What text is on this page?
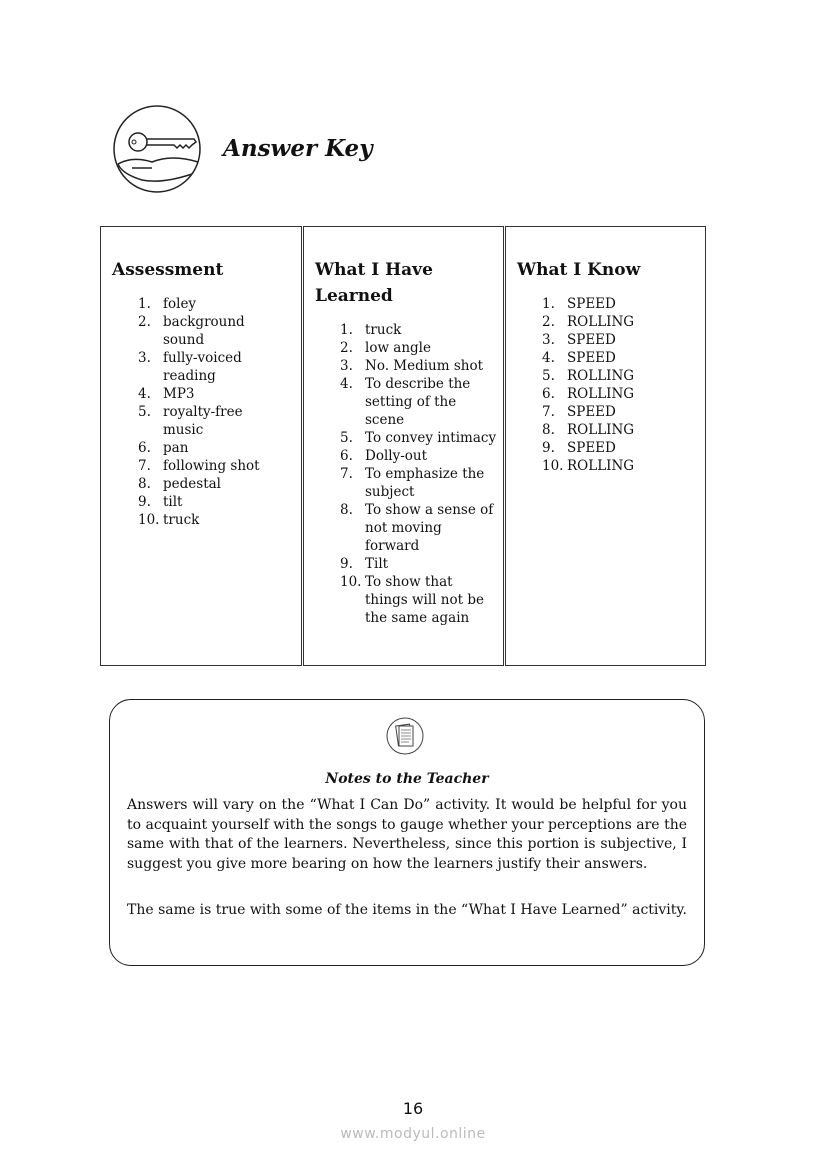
Answer Key
Assessment
1. foley
2. background sound
3. fully-voiced reading
4. MP3
5. royalty-free music
6. pan
7. following shot
8. pedestal
9. tilt
10. truck
What I Have Learned
1. truck
2. low angle
3. No. Medium shot
4. To describe the setting of the scene
5. To convey intimacy
6. Dolly-out
7. To emphasize the subject
8. To show a sense of not moving forward
9. Tilt
10. To show that things will not be the same again
What I Know
1. SPEED
2. ROLLING
3. SPEED
4. SPEED
5. ROLLING
6. ROLLING
7. SPEED
8. ROLLING
9. SPEED
10. ROLLING
Notes to the Teacher
Answers will vary on the “What I Can Do” activity. It would be helpful for you to acquaint yourself with the songs to gauge whether your perceptions are the same with that of the learners. Nevertheless, since this portion is subjective, I suggest you give more bearing on how the learners justify their answers.
The same is true with some of the items in the “What I Have Learned” activity.
16
www.modyul.online
